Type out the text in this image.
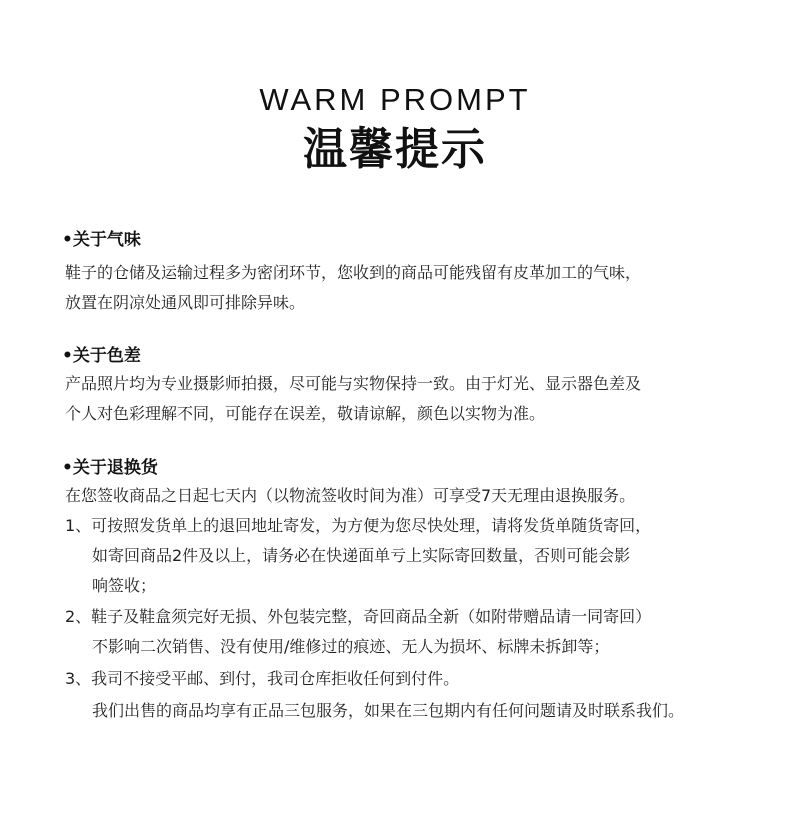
WARM PROMPT
温馨提示
•关于气味
鞋子的仓储及运输过程多为密闭环节，您收到的商品可能残留有皮革加工的气味，
放置在阴凉处通风即可排除异味。
•关于色差
产品照片均为专业摄影师拍摄，尽可能与实物保持一致。由于灯光、显示器色差及
个人对色彩理解不同，可能存在误差，敬请谅解，颜色以实物为准。
•关于退换货
在您签收商品之日起七天内（以物流签收时间为准）可享受7天无理由退换服务。
1、可按照发货单上的退回地址寄发，为方便为您尽快处理，请将发货单随货寄回，
如寄回商品2件及以上，请务必在快递面单亏上实际寄回数量，否则可能会影
响签收；
2、鞋子及鞋盒须完好无损、外包装完整，奇回商品全新（如附带赠品请一同寄回）
不影响二次销售、没有使用/维修过的痕迹、无人为损坏、标牌未拆卸等；
3、我司不接受平邮、到付，我司仓库拒收任何到付件。
我们出售的商品均享有正品三包服务，如果在三包期内有任何问题请及时联系我们。
